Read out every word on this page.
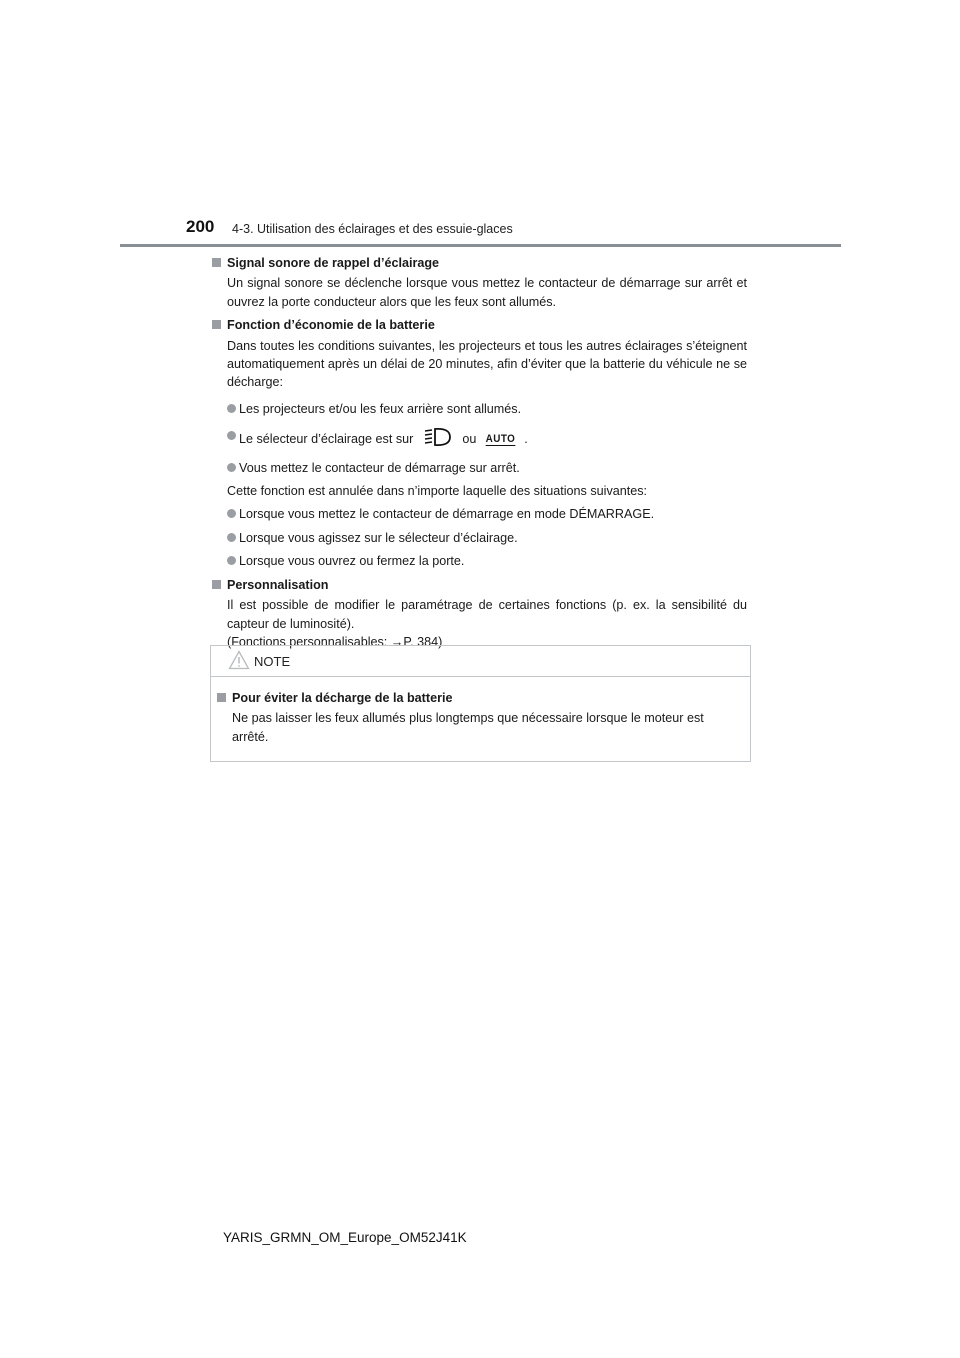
200 4-3. Utilisation des éclairages et des essuie-glaces
Signal sonore de rappel d’éclairage
Un signal sonore se déclenche lorsque vous mettez le contacteur de démarrage sur arrêt et ouvrez la porte conducteur alors que les feux sont allumés.
Fonction d’économie de la batterie
Dans toutes les conditions suivantes, les projecteurs et tous les autres éclairages s’éteignent automatiquement après un délai de 20 minutes, afin d’éviter que la batterie du véhicule ne se décharge:
Les projecteurs et/ou les feux arrière sont allumés.
Le sélecteur d’éclairage est sur	ou AUTO .
Vous mettez le contacteur de démarrage sur arrêt.
Cette fonction est annulée dans n’importe laquelle des situations suivantes:
Lorsque vous mettez le contacteur de démarrage en mode DÉMARRAGE.
Lorsque vous agissez sur le sélecteur d’éclairage.
Lorsque vous ouvrez ou fermez la porte.
Personnalisation
Il est possible de modifier le paramétrage de certaines fonctions (p. ex. la sensibilité du capteur de luminosité).
(Fonctions personnalisables: →P. 384)
NOTE
Pour éviter la décharge de la batterie
Ne pas laisser les feux allumés plus longtemps que nécessaire lorsque le moteur est arrêté.
YARIS_GRMN_OM_Europe_OM52J41K
